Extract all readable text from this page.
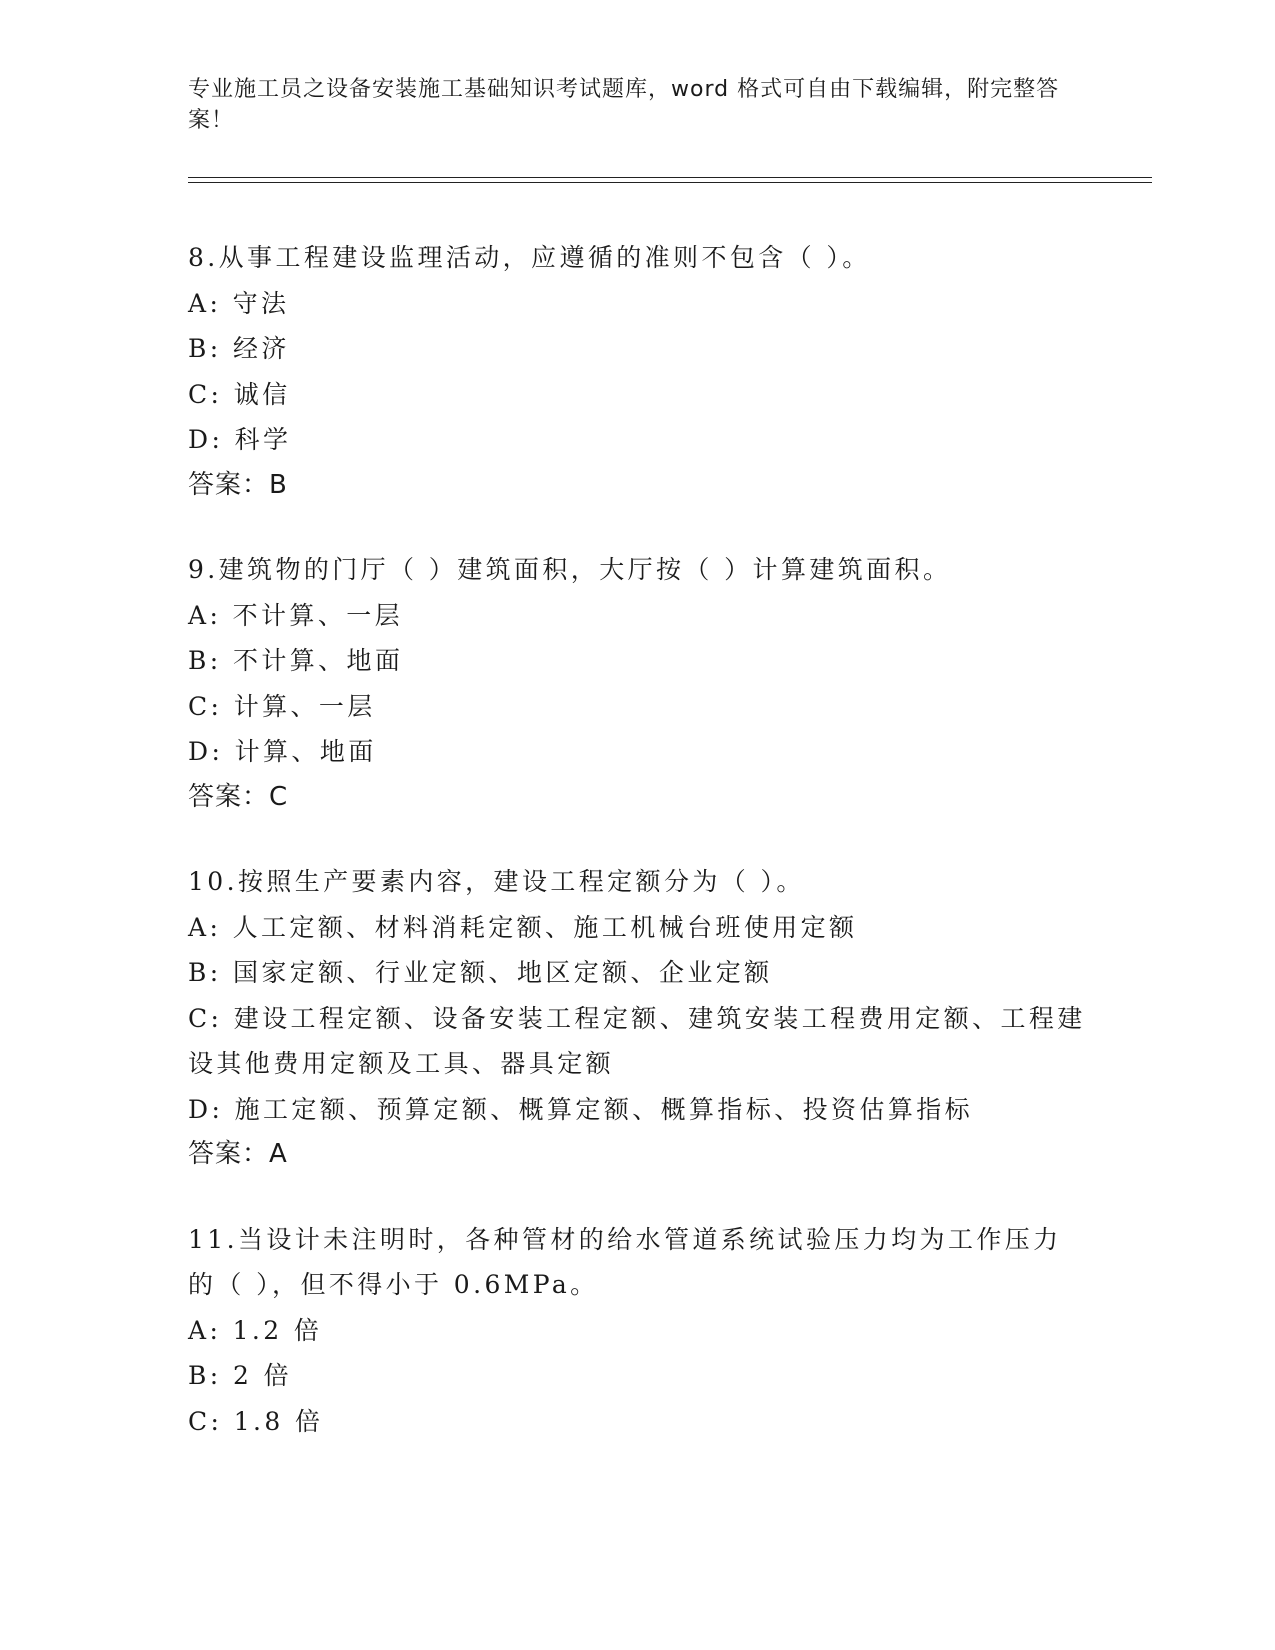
专业施工员之设备安装施工基础知识考试题库，word 格式可自由下载编辑，附完整答案！
8.从事工程建设监理活动，应遵循的准则不包含（ ）。
A: 守法
B: 经济
C: 诚信
D: 科学
答案：B
9.建筑物的门厅（ ）建筑面积，大厅按（ ）计算建筑面积。
A: 不计算、一层
B: 不计算、地面
C: 计算、一层
D: 计算、地面
答案：C
10.按照生产要素内容，建设工程定额分为（ ）。
A: 人工定额、材料消耗定额、施工机械台班使用定额
B: 国家定额、行业定额、地区定额、企业定额
C: 建设工程定额、设备安装工程定额、建筑安装工程费用定额、工程建设其他费用定额及工具、器具定额
D: 施工定额、预算定额、概算定额、概算指标、投资估算指标
答案：A
11.当设计未注明时，各种管材的给水管道系统试验压力均为工作压力的（ ），但不得小于 0.6MPa。
A: 1.2 倍
B: 2 倍
C: 1.8 倍
